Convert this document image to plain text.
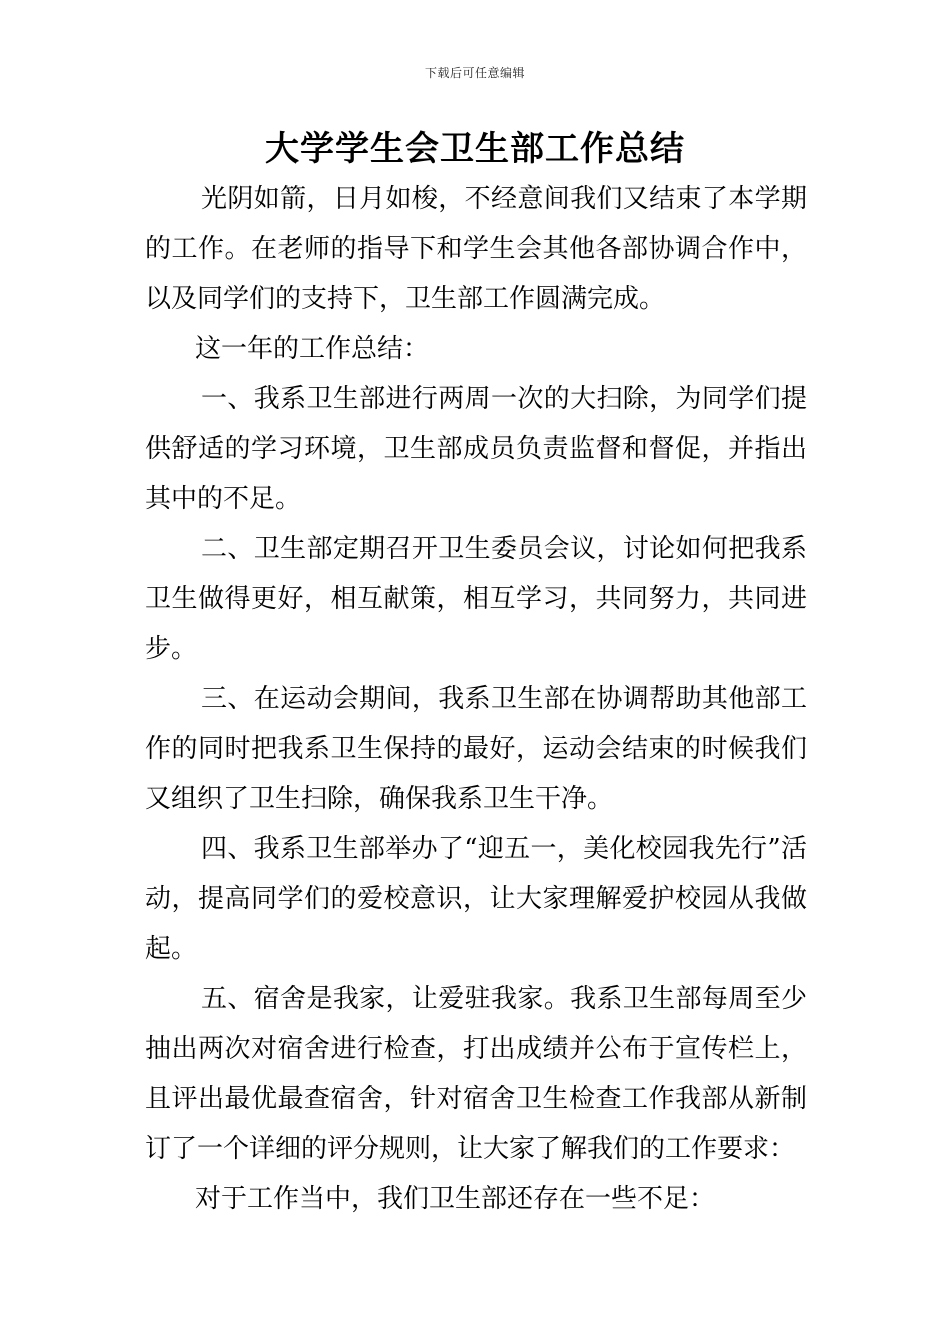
下载后可任意编辑
大学学生会卫生部工作总结

光阴如箭，日月如梭，不经意间我们又结束了本学期的工作。在老师的指导下和学生会其他各部协调合作中，以及同学们的支持下，卫生部工作圆满完成。

这一年的工作总结：

一、我系卫生部进行两周一次的大扫除，为同学们提供舒适的学习环境，卫生部成员负责监督和督促，并指出其中的不足。

二、卫生部定期召开卫生委员会议，讨论如何把我系卫生做得更好，相互献策，相互学习，共同努力，共同进步。

三、在运动会期间，我系卫生部在协调帮助其他部工作的同时把我系卫生保持的最好，运动会结束的时候我们又组织了卫生扫除，确保我系卫生干净。

四、我系卫生部举办了“迎五一，美化校园我先行”活动，提高同学们的爱校意识，让大家理解爱护校园从我做起。

五、宿舍是我家，让爱驻我家。我系卫生部每周至少抽出两次对宿舍进行检查，打出成绩并公布于宣传栏上，且评出最优最查宿舍，针对宿舍卫生检查工作我部从新制订了一个详细的评分规则，让大家了解我们的工作要求：

对于工作当中，我们卫生部还存在一些不足：
